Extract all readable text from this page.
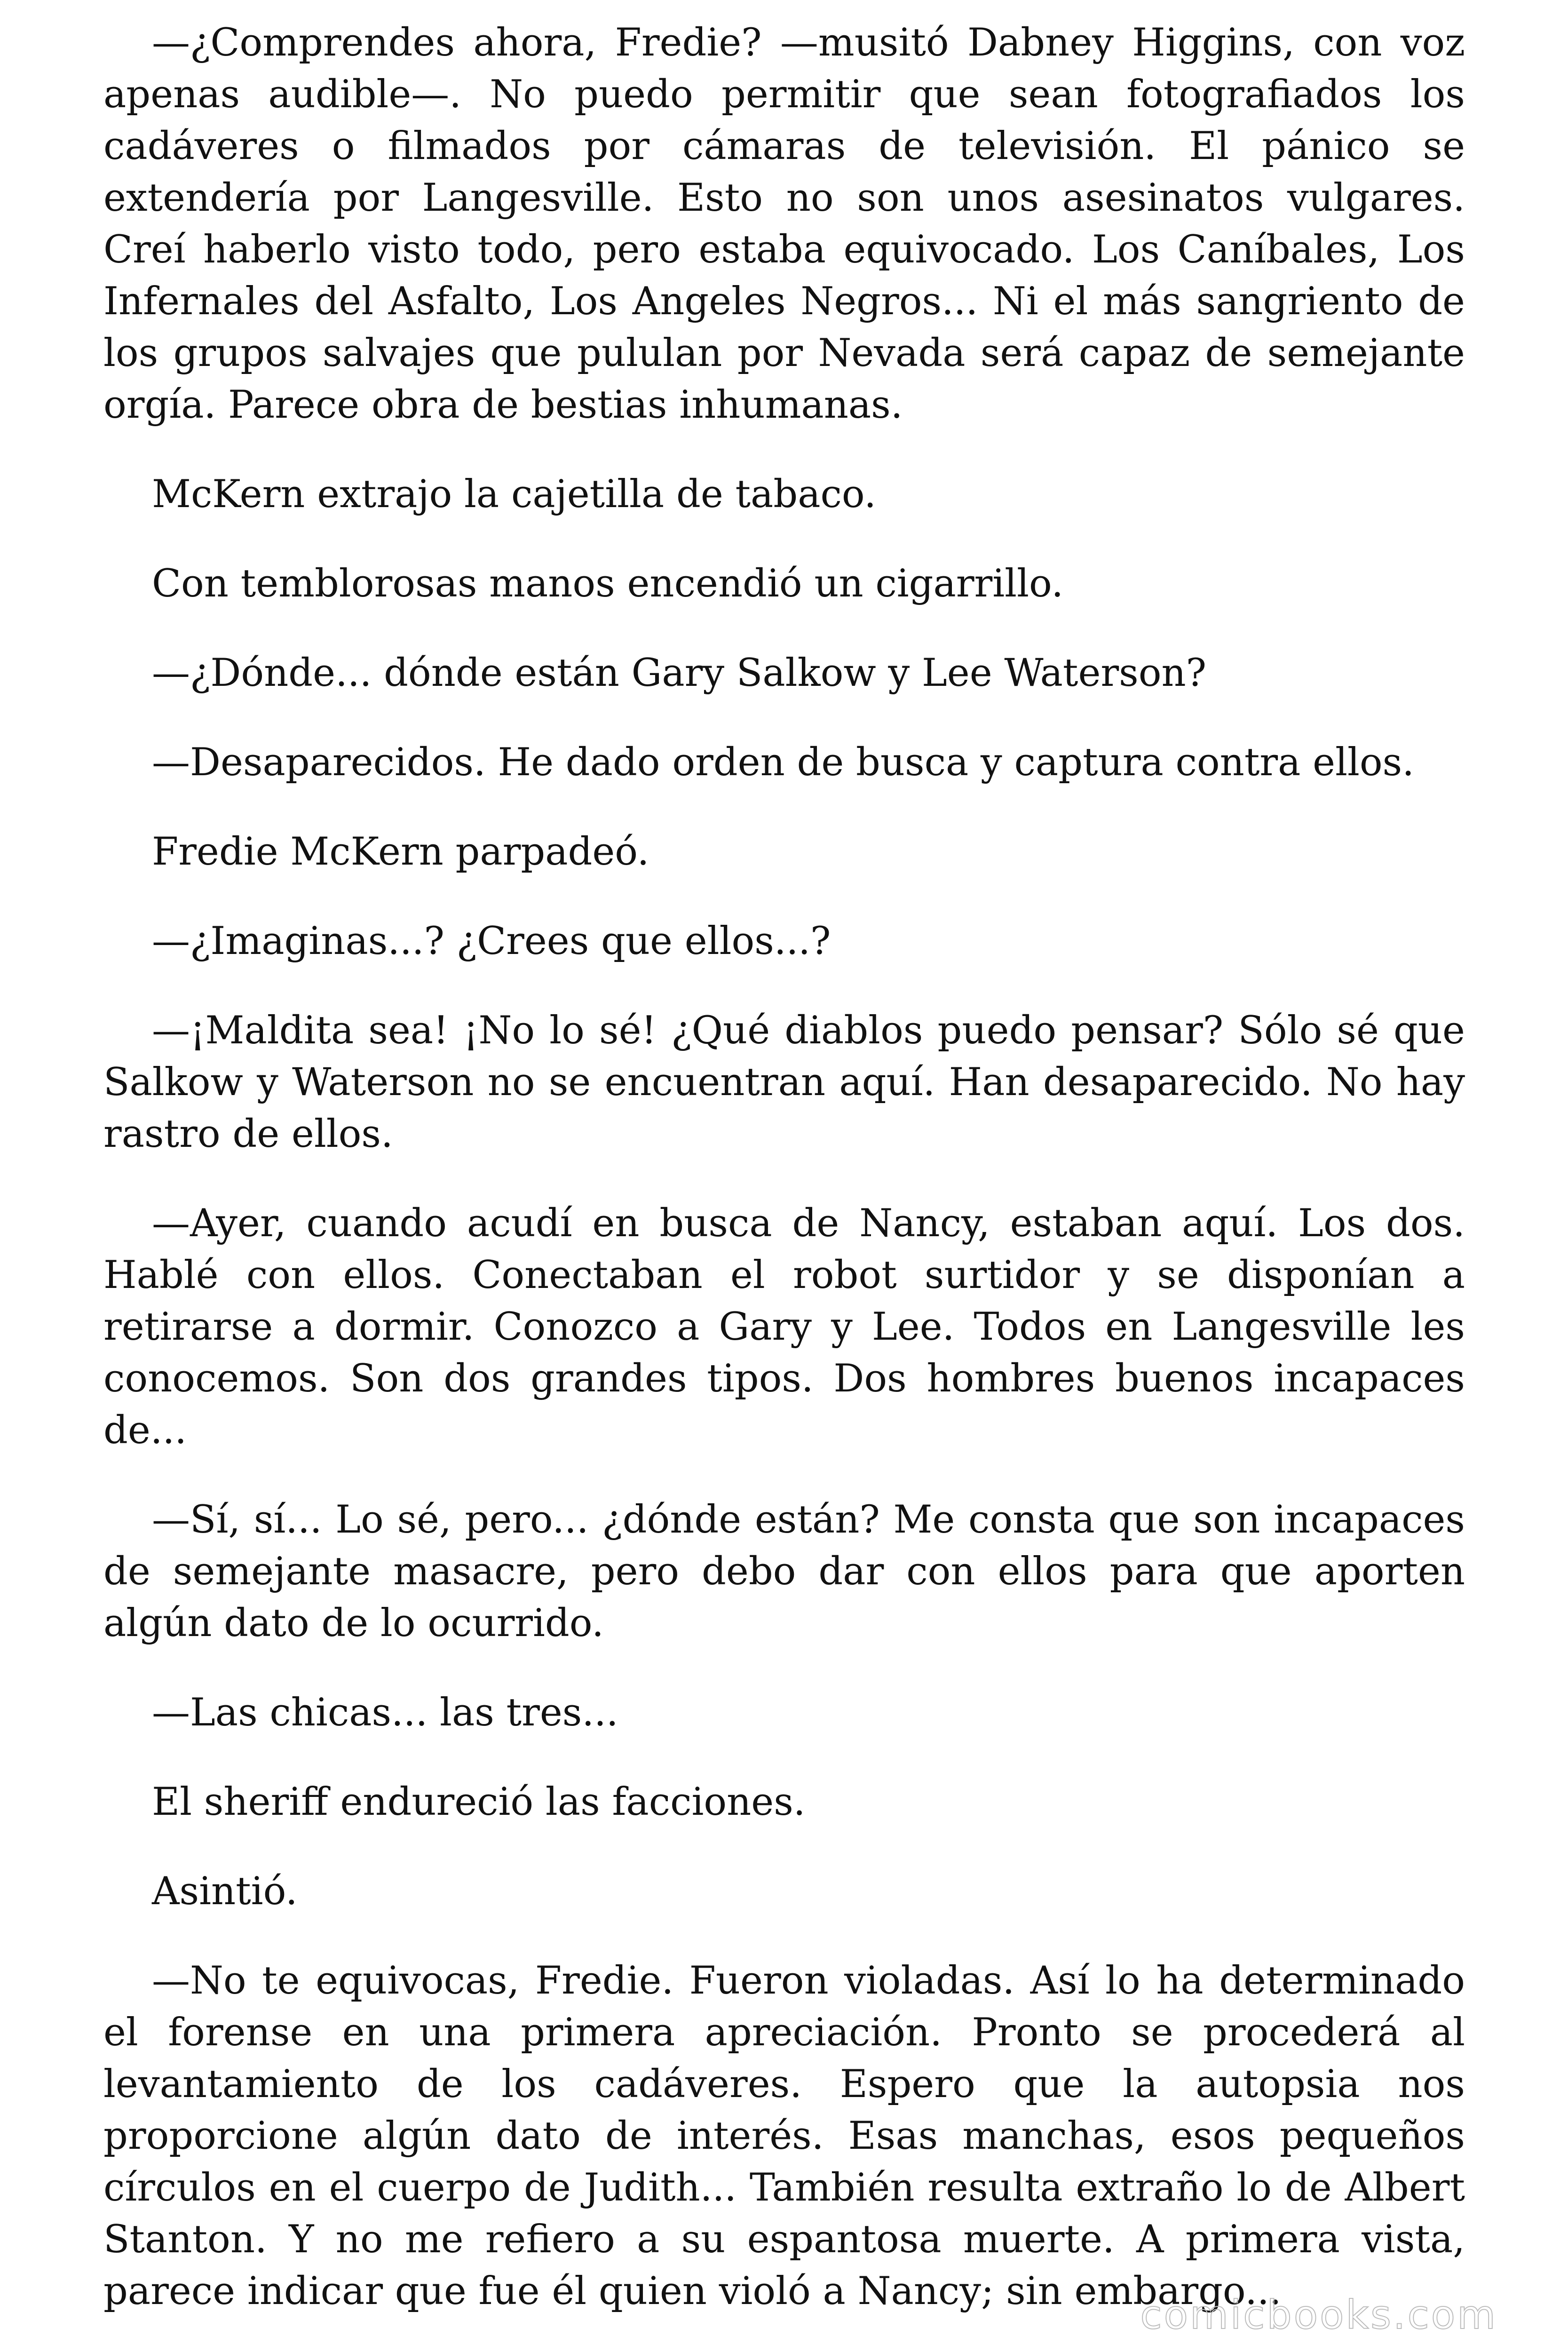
—¿Comprendes ahora, Fredie? —musitó Dabney Higgins, con voz apenas audible—. No puedo permitir que sean fotografiados los cadáveres o filmados por cámaras de televisión. El pánico se extendería por Langesville. Esto no son unos asesinatos vulgares. Creí haberlo visto todo, pero estaba equivocado. Los Caníbales, Los Infernales del Asfalto, Los Angeles Negros... Ni el más sangriento de los grupos salvajes que pululan por Nevada será capaz de semejante orgía. Parece obra de bestias inhumanas.

McKern extrajo la cajetilla de tabaco.

Con temblorosas manos encendió un cigarrillo.

—¿Dónde... dónde están Gary Salkow y Lee Waterson?

—Desaparecidos. He dado orden de busca y captura contra ellos.

Fredie McKern parpadeó.

—¿Imaginas...? ¿Crees que ellos...?

—¡Maldita sea! ¡No lo sé! ¿Qué diablos puedo pensar? Sólo sé que Salkow y Waterson no se encuentran aquí. Han desaparecido. No hay rastro de ellos.

—Ayer, cuando acudí en busca de Nancy, estaban aquí. Los dos. Hablé con ellos. Conectaban el robot surtidor y se disponían a retirarse a dormir. Conozco a Gary y Lee. Todos en Langesville les conocemos. Son dos grandes tipos. Dos hombres buenos incapaces de...

—Sí, sí... Lo sé, pero... ¿dónde están? Me consta que son incapaces de semejante masacre, pero debo dar con ellos para que aporten algún dato de lo ocurrido.

—Las chicas... las tres...

El sheriff endureció las facciones.

Asintió.

—No te equivocas, Fredie. Fueron violadas. Así lo ha determinado el forense en una primera apreciación. Pronto se procederá al levantamiento de los cadáveres. Espero que la autopsia nos proporcione algún dato de interés. Esas manchas, esos pequeños círculos en el cuerpo de Judith... También resulta extraño lo de Albert Stanton. Y no me refiero a su espantosa muerte. A primera vista, parece indicar que fue él quien violó a Nancy; sin embargo...

comicbooks.com
